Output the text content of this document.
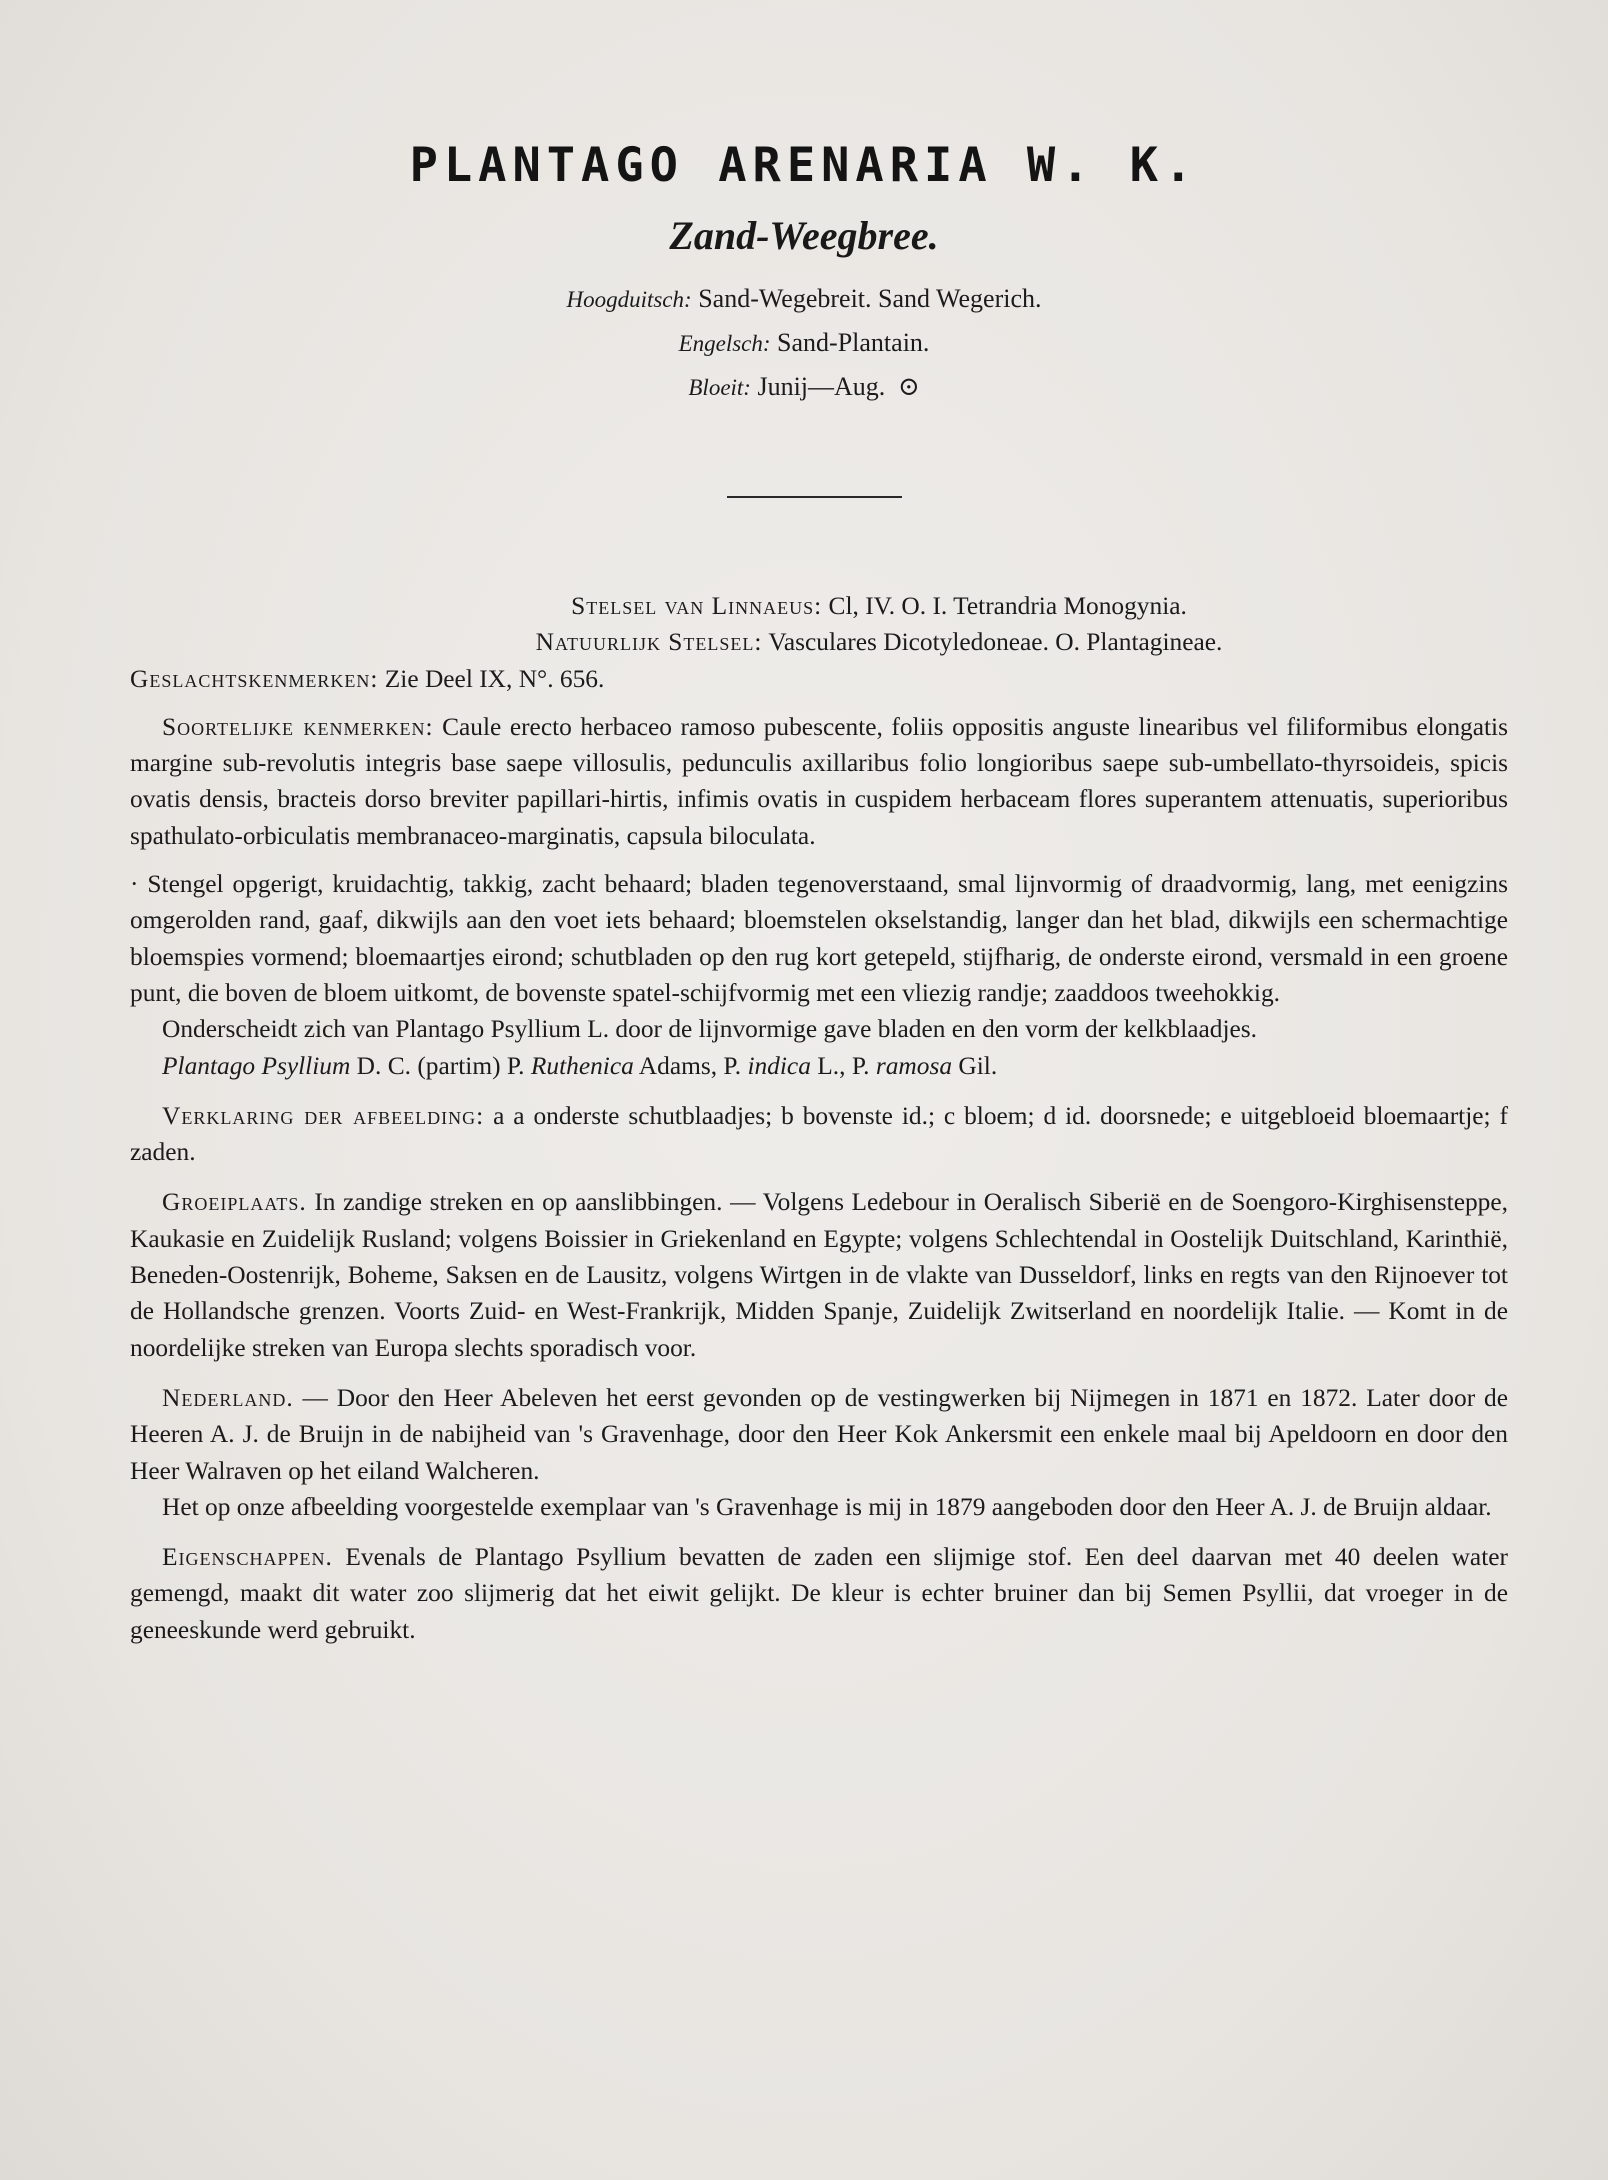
PLANTAGO ARENARIA W. K.
Zand-Weegbree.
Hoogduitsch: Sand-Wegebreit. Sand Wegerich.
Engelsch: Sand-Plantain.
Bloeit: Junij—Aug. ⊙

Stelsel van Linnaeus: Cl, IV. O. I. Tetrandria Monogynia.

Natuurlijk Stelsel: Vasculares Dicotyledoneae. O. Plantagineae.

Geslachtskenmerken: Zie Deel IX, N°. 656.

Soortelijke kenmerken: Caule erecto herbaceo ramoso pubescente, foliis oppositis anguste linearibus vel filiformibus elongatis margine sub-revolutis integris base saepe villosulis, pedunculis axillaribus folio longioribus saepe sub-umbellato-thyrsoideis, spicis ovatis densis, bracteis dorso breviter papillari-hirtis, infimis ovatis in cuspidem herbaceam flores superantem attenuatis, superioribus spathulato-orbiculatis membranaceo-marginatis, capsula biloculata.

· Stengel opgerigt, kruidachtig, takkig, zacht behaard; bladen tegenoverstaand, smal lijnvormig of draadvormig, lang, met eenigzins omgerolden rand, gaaf, dikwijls aan den voet iets behaard; bloemstelen okselstandig, langer dan het blad, dikwijls een schermachtige bloemspies vormend; bloemaartjes eirond; schutbladen op den rug kort getepeld, stijfharig, de onderste eirond, versmald in een groene punt, die boven de bloem uitkomt, de bovenste spatel-schijfvormig met een vliezig randje; zaaddoos tweehokkig.

Onderscheidt zich van Plantago Psyllium L. door de lijnvormige gave bladen en den vorm der kelkblaadjes.

Plantago Psyllium D. C. (partim) P. Ruthenica Adams, P. indica L., P. ramosa Gil.

Verklaring der afbeelding: a a onderste schutblaadjes; b bovenste id.; c bloem; d id. doorsnede; e uitgebloeid bloemaartje; f zaden.

Groeiplaats. In zandige streken en op aanslibbingen. — Volgens Ledebour in Oeralisch Siberië en de Soengoro-Kirghisensteppe, Kaukasie en Zuidelijk Rusland; volgens Boissier in Griekenland en Egypte; volgens Schlechtendal in Oostelijk Duitschland, Karinthië, Beneden-Oostenrijk, Boheme, Saksen en de Lausitz, volgens Wirtgen in de vlakte van Dusseldorf, links en regts van den Rijnoever tot de Hollandsche grenzen. Voorts Zuid- en West-Frankrijk, Midden Spanje, Zuidelijk Zwitserland en noordelijk Italie. — Komt in de noordelijke streken van Europa slechts sporadisch voor.

Nederland. — Door den Heer Abeleven het eerst gevonden op de vestingwerken bij Nijmegen in 1871 en 1872. Later door de Heeren A. J. de Bruijn in de nabijheid van 's Gravenhage, door den Heer Kok Ankersmit een enkele maal bij Apeldoorn en door den Heer Walraven op het eiland Walcheren.

Het op onze afbeelding voorgestelde exemplaar van 's Gravenhage is mij in 1879 aangeboden door den Heer A. J. de Bruijn aldaar.

Eigenschappen. Evenals de Plantago Psyllium bevatten de zaden een slijmige stof. Een deel daarvan met 40 deelen water gemengd, maakt dit water zoo slijmerig dat het eiwit gelijkt. De kleur is echter bruiner dan bij Semen Psyllii, dat vroeger in de geneeskunde werd gebruikt.
